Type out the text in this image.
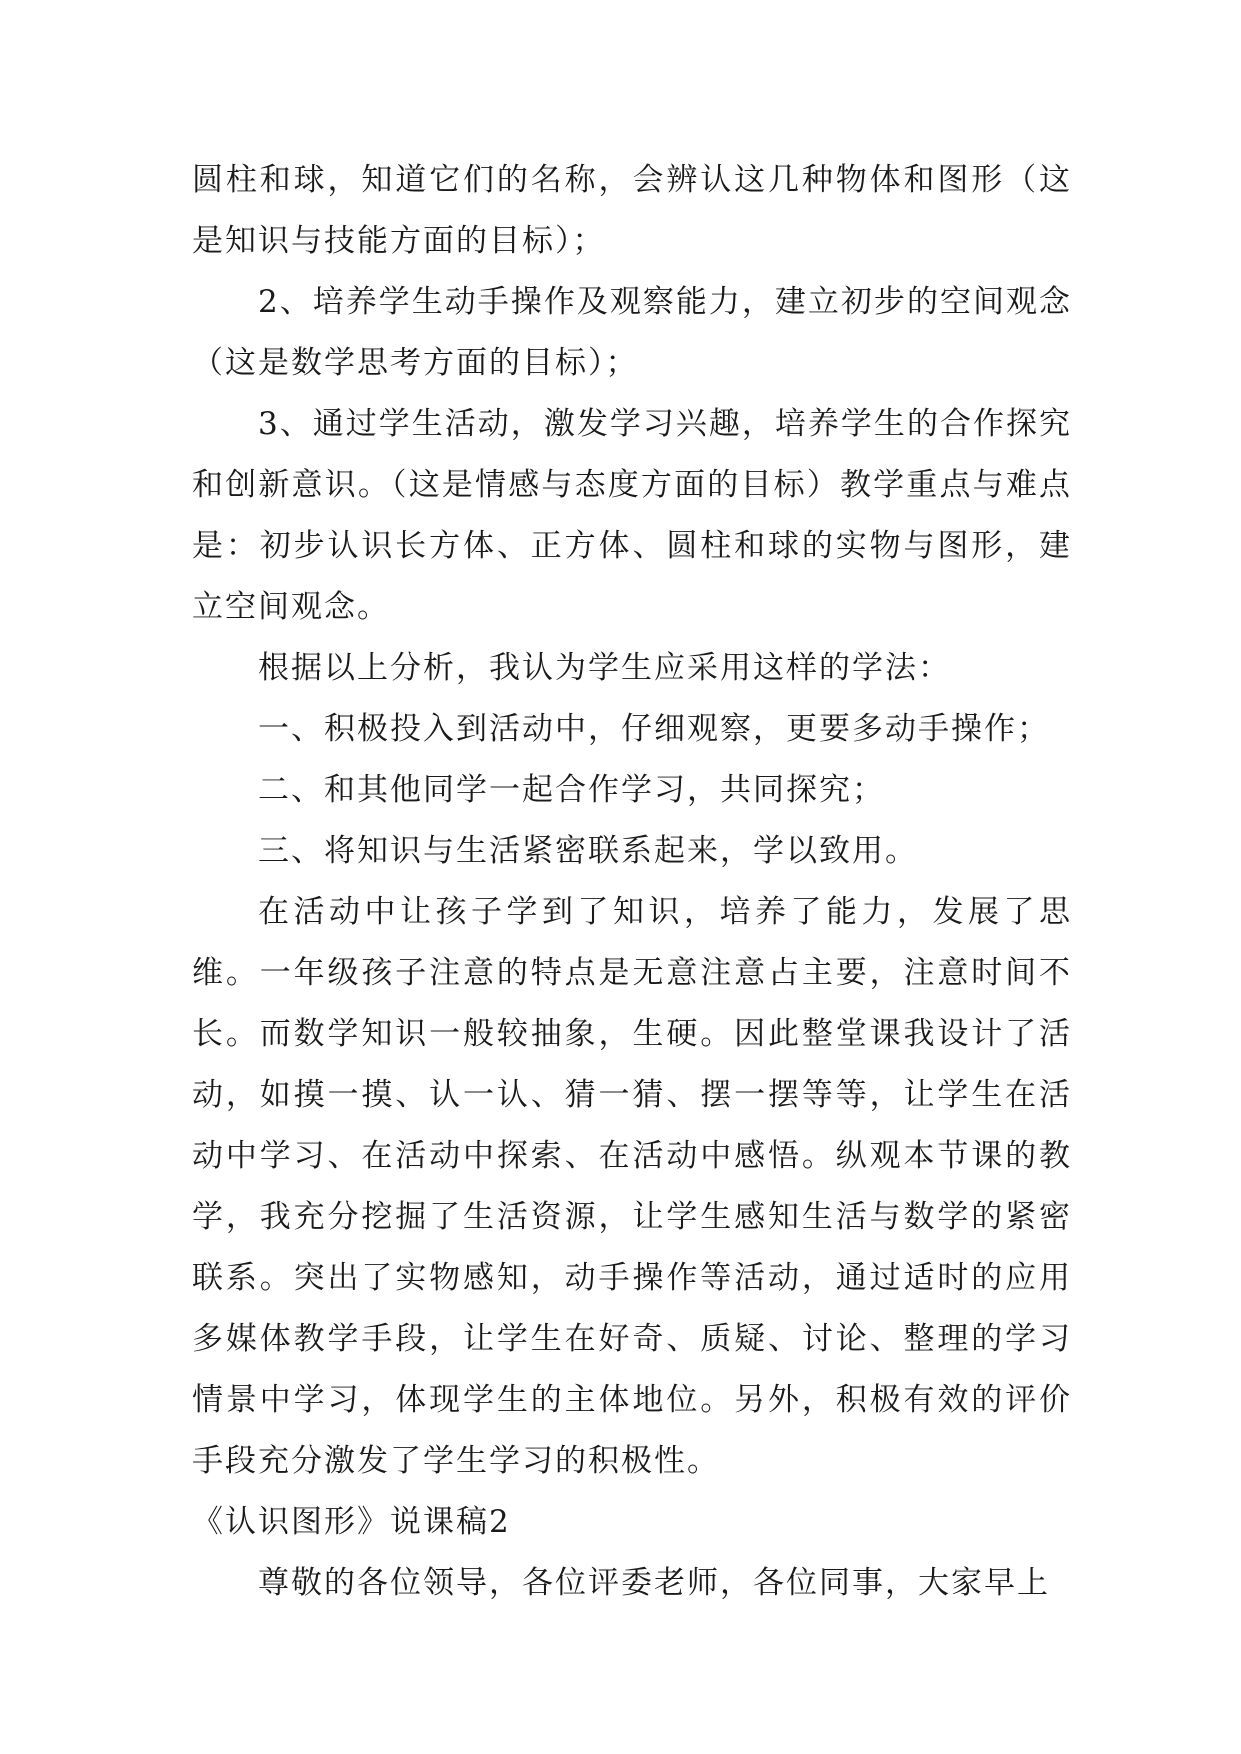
圆柱和球，知道它们的名称，会辨认这几种物体和图形（这是知识与技能方面的目标）；

2、培养学生动手操作及观察能力，建立初步的空间观念（这是数学思考方面的目标）；

3、通过学生活动，激发学习兴趣，培养学生的合作探究和创新意识。（这是情感与态度方面的目标）教学重点与难点是：初步认识长方体、正方体、圆柱和球的实物与图形，建立空间观念。

根据以上分析，我认为学生应采用这样的学法：

一、积极投入到活动中，仔细观察，更要多动手操作；

二、和其他同学一起合作学习，共同探究；

三、将知识与生活紧密联系起来，学以致用。

在活动中让孩子学到了知识，培养了能力，发展了思维。一年级孩子注意的特点是无意注意占主要，注意时间不长。而数学知识一般较抽象，生硬。因此整堂课我设计了活动，如摸一摸、认一认、猜一猜、摆一摆等等，让学生在活动中学习、在活动中探索、在活动中感悟。纵观本节课的教学，我充分挖掘了生活资源，让学生感知生活与数学的紧密联系。突出了实物感知，动手操作等活动，通过适时的应用多媒体教学手段，让学生在好奇、质疑、讨论、整理的学习情景中学习，体现学生的主体地位。另外，积极有效的评价手段充分激发了学生学习的积极性。

《认识图形》说课稿2

尊敬的各位领导，各位评委老师，各位同事，大家早上
